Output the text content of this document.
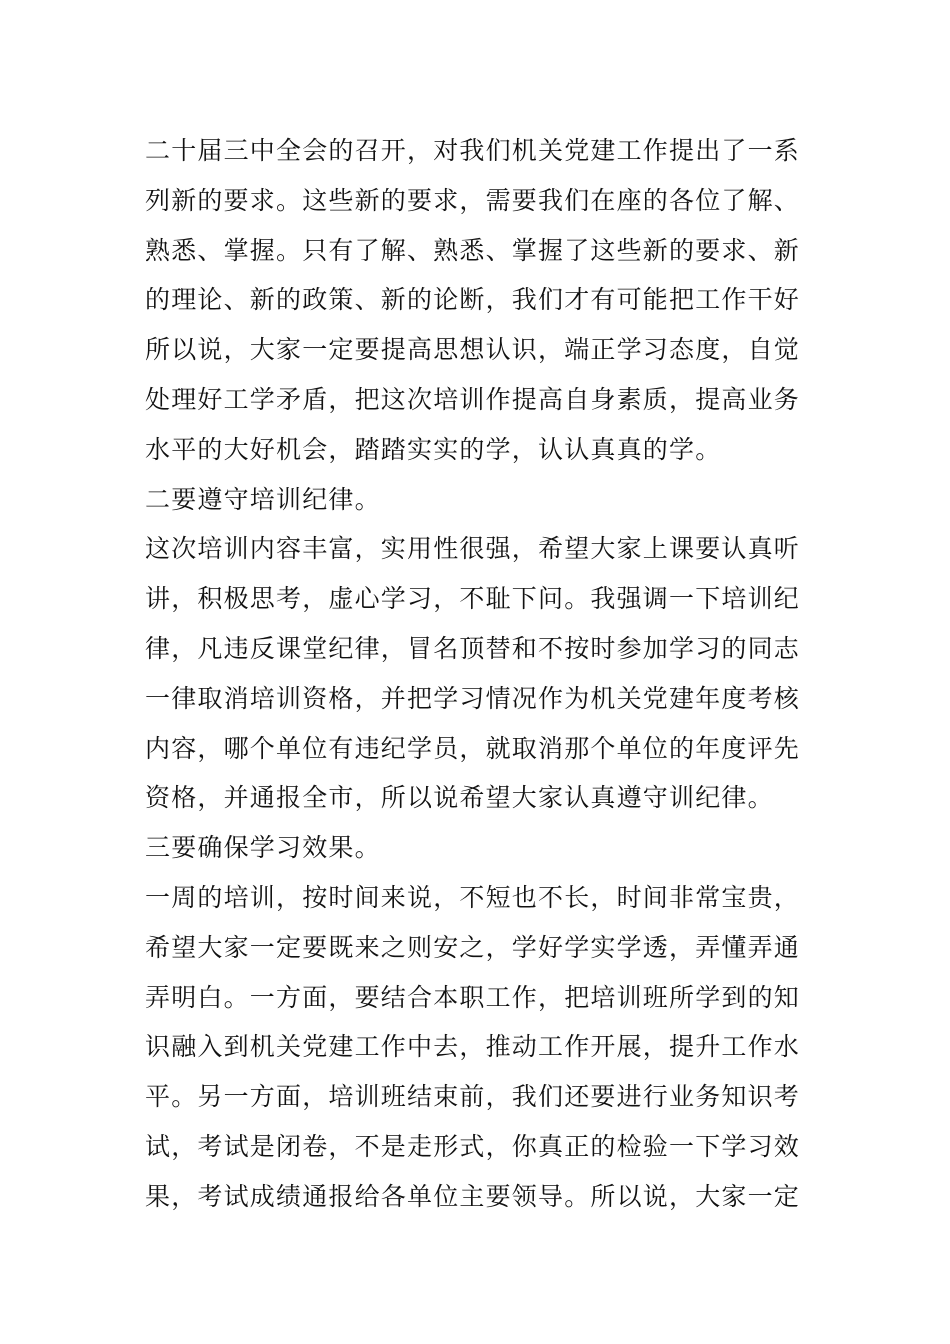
二十届三中全会的召开，对我们机关党建工作提出了一系
列新的要求。这些新的要求，需要我们在座的各位了解、
熟悉、掌握。只有了解、熟悉、掌握了这些新的要求、新
的理论、新的政策、新的论断，我们才有可能把工作干好
所以说，大家一定要提高思想认识，端正学习态度，自觉
处理好工学矛盾，把这次培训作提高自身素质，提高业务
水平的大好机会，踏踏实实的学，认认真真的学。
二要遵守培训纪律。
这次培训内容丰富，实用性很强，希望大家上课要认真听
讲，积极思考，虚心学习，不耻下问。我强调一下培训纪
律，凡违反课堂纪律，冒名顶替和不按时参加学习的同志
一律取消培训资格，并把学习情况作为机关党建年度考核
内容，哪个单位有违纪学员，就取消那个单位的年度评先
资格，并通报全市，所以说希望大家认真遵守训纪律。
三要确保学习效果。
一周的培训，按时间来说，不短也不长，时间非常宝贵，
希望大家一定要既来之则安之，学好学实学透，弄懂弄通
弄明白。一方面，要结合本职工作，把培训班所学到的知
识融入到机关党建工作中去，推动工作开展，提升工作水
平。另一方面，培训班结束前，我们还要进行业务知识考
试，考试是闭卷，不是走形式，你真正的检验一下学习效
果，考试成绩通报给各单位主要领导。所以说，大家一定
